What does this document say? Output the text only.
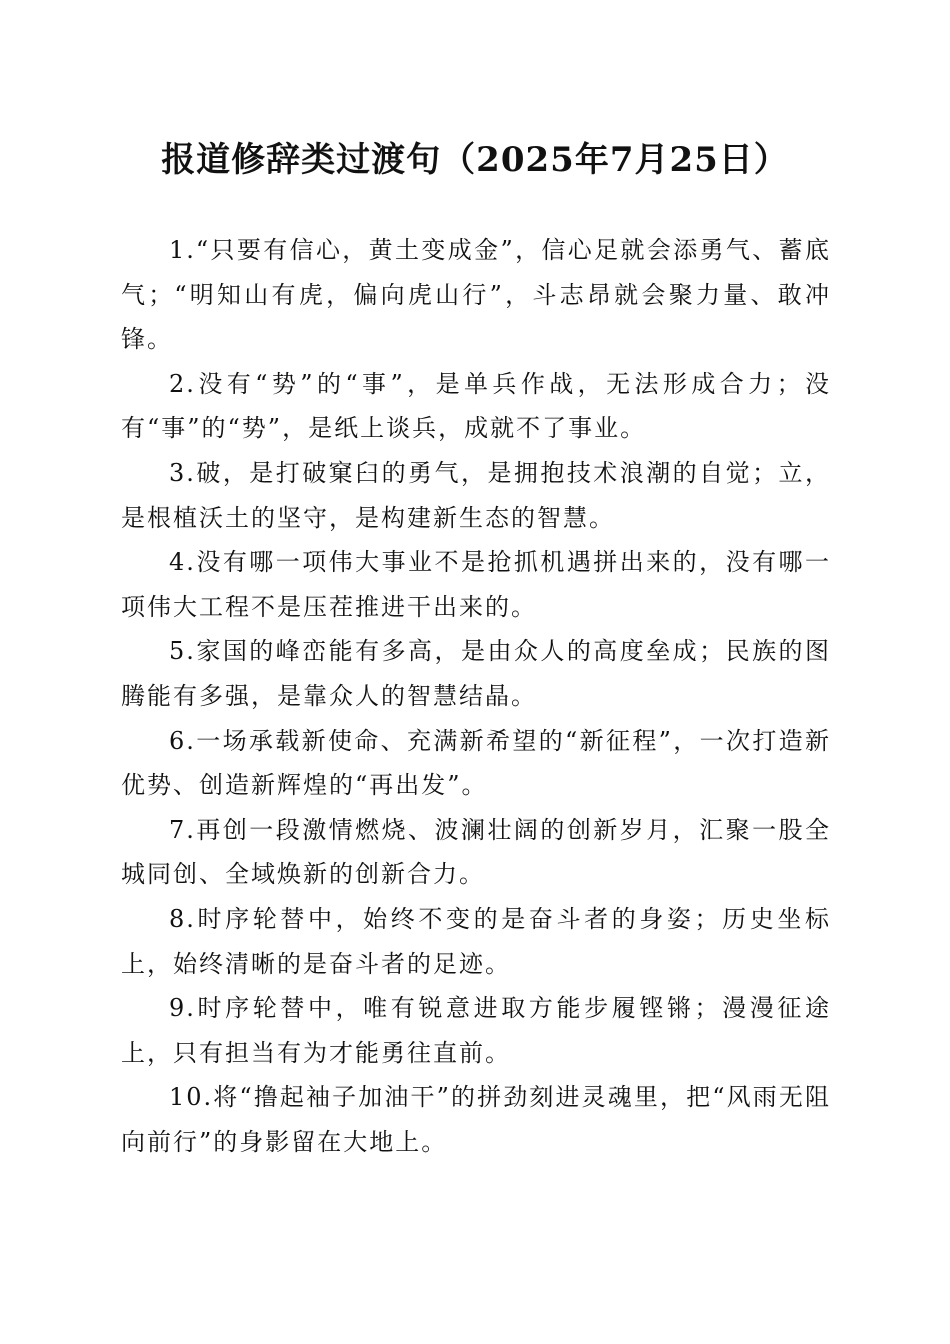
报道修辞类过渡句（2025年7月25日）

1.“只要有信心，黄土变成金”，信心足就会添勇气、蓄底气；“明知山有虎，偏向虎山行”，斗志昂就会聚力量、敢冲锋。

2.没有“势”的“事”，是单兵作战，无法形成合力；没有“事”的“势”，是纸上谈兵，成就不了事业。

3.破，是打破窠臼的勇气，是拥抱技术浪潮的自觉；立，是根植沃土的坚守，是构建新生态的智慧。

4.没有哪一项伟大事业不是抢抓机遇拼出来的，没有哪一项伟大工程不是压茬推进干出来的。

5.家国的峰峦能有多高，是由众人的高度垒成；民族的图腾能有多强，是靠众人的智慧结晶。

6.一场承载新使命、充满新希望的“新征程”，一次打造新优势、创造新辉煌的“再出发”。

7.再创一段激情燃烧、波澜壮阔的创新岁月，汇聚一股全城同创、全域焕新的创新合力。

8.时序轮替中，始终不变的是奋斗者的身姿；历史坐标上，始终清晰的是奋斗者的足迹。

9.时序轮替中，唯有锐意进取方能步履铿锵；漫漫征途上，只有担当有为才能勇往直前。

10.将“撸起袖子加油干”的拼劲刻进灵魂里，把“风雨无阻向前行”的身影留在大地上。
